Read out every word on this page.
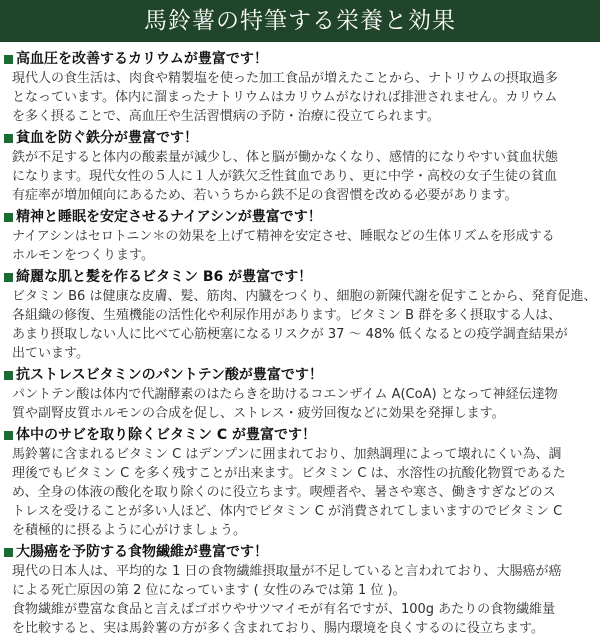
馬鈴薯の特筆する栄養と効果
高血圧を改善するカリウムが豊富です！
現代人の食生活は、肉食や精製塩を使った加工食品が増えたことから、ナトリウムの摂取過多
となっています。体内に溜まったナトリウムはカリウムがなければ排泄されません。カリウム
を多く摂ることで、高血圧や生活習慣病の予防・治療に役立てられます。
貧血を防ぐ鉄分が豊富です！
鉄が不足すると体内の酸素量が減少し、体と脳が働かなくなり、感情的になりやすい貧血状態
になります。現代女性の５人に１人が鉄欠乏性貧血であり、更に中学・高校の女子生徒の貧血
有症率が増加傾向にあるため、若いうちから鉄不足の食習慣を改める必要があります。
精神と睡眠を安定させるナイアシンが豊富です！
ナイアシンはセロトニン＊の効果を上げて精神を安定させ、睡眠などの生体リズムを形成する
ホルモンをつくります。
綺麗な肌と髪を作るビタミン B6 が豊富です！
ビタミン B6 は健康な皮膚、髪、筋肉、内臓をつくり、細胞の新陳代謝を促すことから、発育促進、
各組織の修復、生殖機能の活性化や利尿作用があります。ビタミン B 群を多く摂取する人は、
あまり摂取しない人に比べて心筋梗塞になるリスクが 37 〜 48% 低くなるとの疫学調査結果が
出ています。
抗ストレスビタミンのパントテン酸が豊富です！
パントテン酸は体内で代謝酵素のはたらきを助けるコエンザイム A(CoA) となって神経伝達物
質や副腎皮質ホルモンの合成を促し、ストレス・疲労回復などに効果を発揮します。
体中のサビを取り除くビタミン C が豊富です！
馬鈴薯に含まれるビタミン C はデンプンに囲まれており、加熱調理によって壊れにくい為、調
理後でもビタミン C を多く残すことが出来ます。ビタミン C は、水溶性の抗酸化物質であるた
め、全身の体液の酸化を取り除くのに役立ちます。喫煙者や、暑さや寒さ、働きすぎなどのス
トレスを受けることが多い人ほど、体内でビタミン C が消費されてしまいますのでビタミン C
を積極的に摂るように心がけましょう。
大腸癌を予防する食物繊維が豊富です！
現代の日本人は、平均的な 1 日の食物繊維摂取量が不足していると言われており、大腸癌が癌
による死亡原因の第 2 位になっています ( 女性のみでは第 1 位 )。
食物繊維が豊富な食品と言えばゴボウやサツマイモが有名ですが、100g あたりの食物繊維量
を比較すると、実は馬鈴薯の方が多く含まれており、腸内環境を良くするのに役立ちます。
